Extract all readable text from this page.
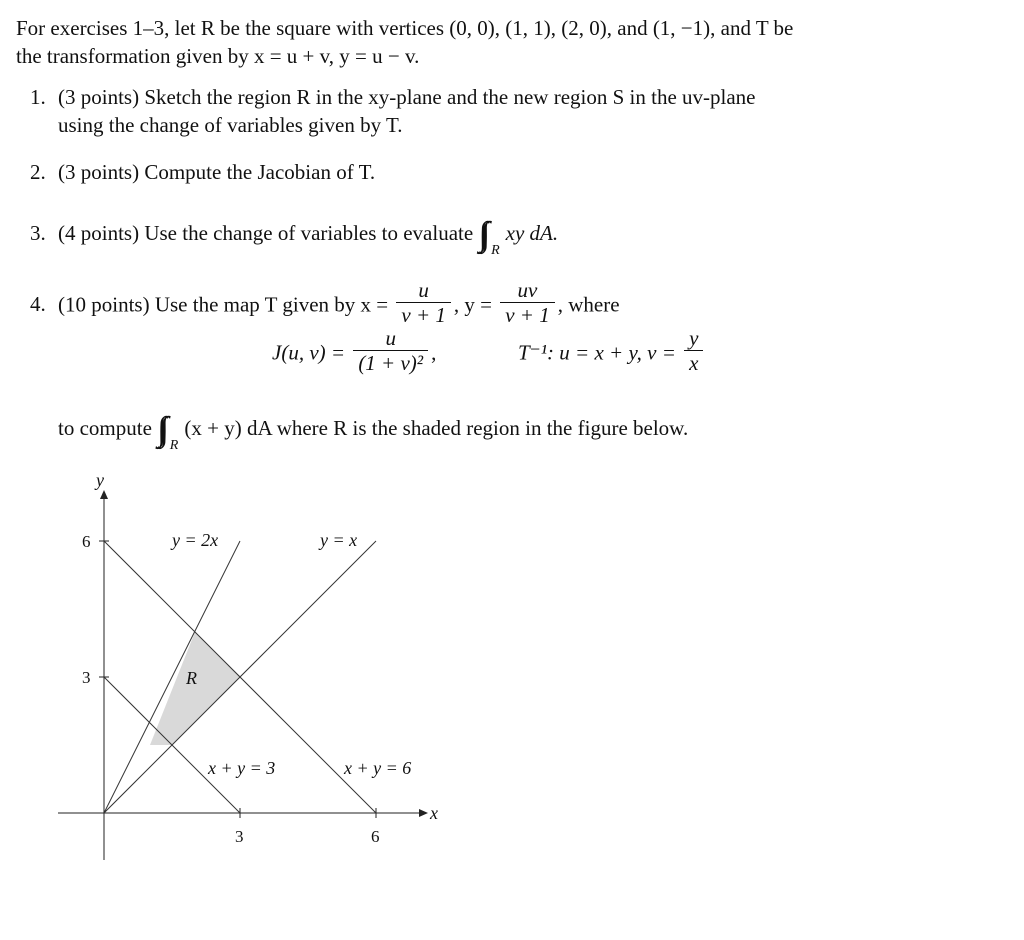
For exercises 1–3, let R be the square with vertices (0, 0), (1, 1), (2, 0), and (1, −1), and T be
the transformation given by x = u + v, y = u − v.
1. (3 points) Sketch the region R in the xy-plane and the new region S in the uv-plane
using the change of variables given by T.
2. (3 points) Compute the Jacobian of T.
3. (4 points) Use the change of variables to evaluate ∫∫ $_R$xy dA.
4. (10 points) Use the map T given by $x = \frac{u}{v + 1}$ , $y = \frac{uv}{v + 1}$ , where
J(u, $v) = \frac{u}{\text{(1 + v)²}}$ ,	T⁻¹: u = x + y, $v = \frac{y}{x}$
to compute ∫∫ $_R$(x + y) dA where R is the shaded region in the figure below.
y
x
6
3
3	6
y = 2x	y = x
x + y = 3	x + y = 6
R
